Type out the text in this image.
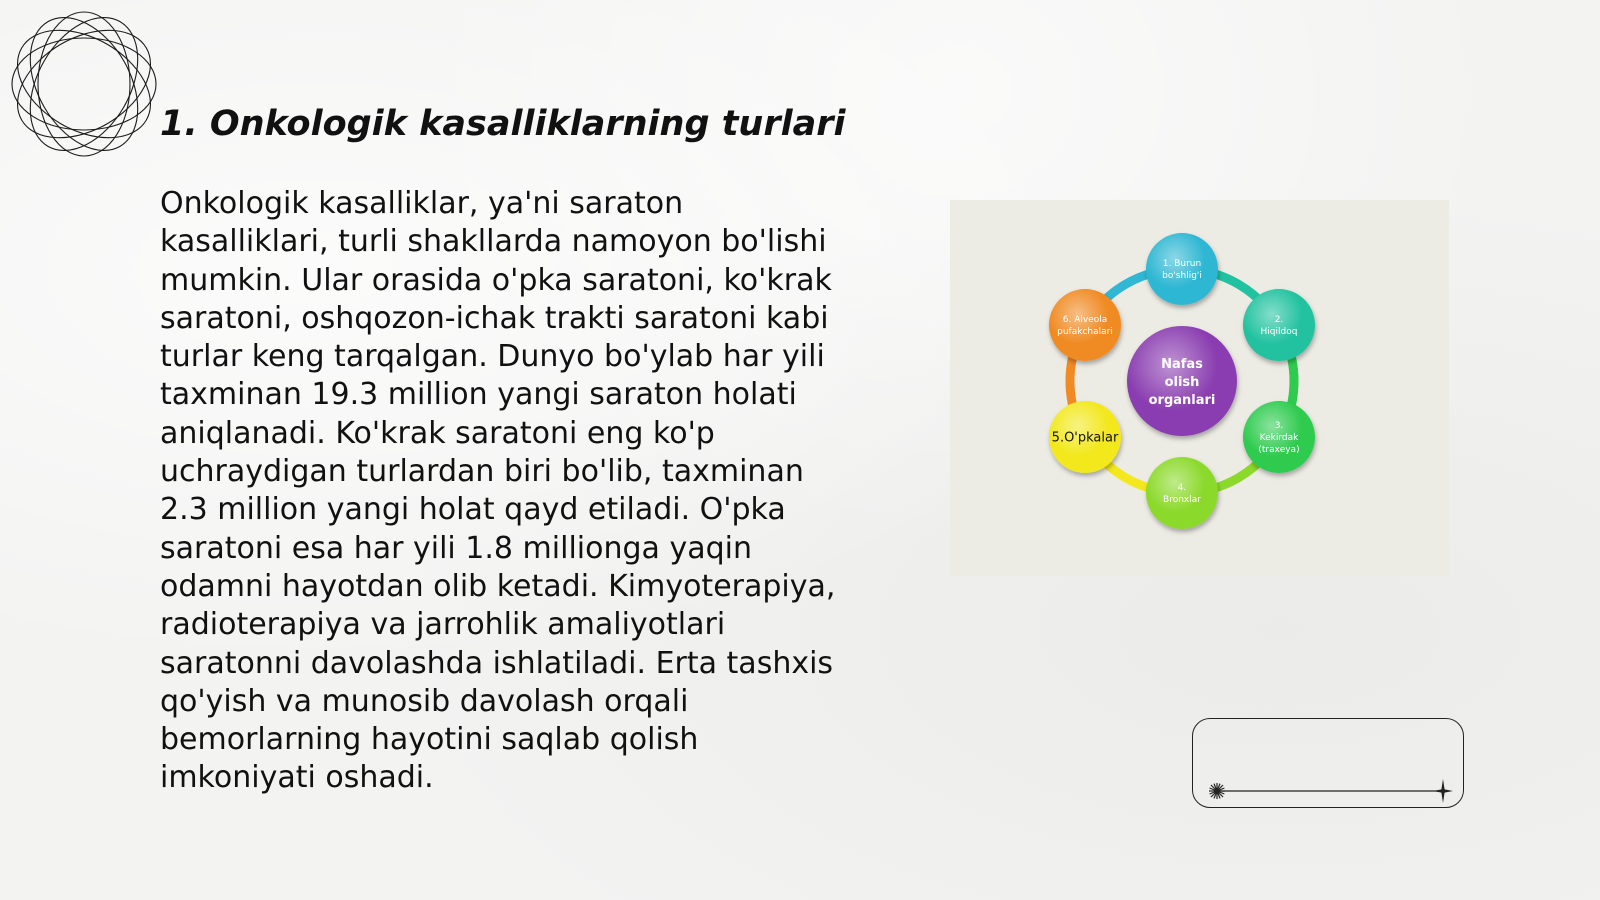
1. Onkologik kasalliklarning turlari

Onkologik kasalliklar, ya'ni saraton kasalliklari, turli shakllarda namoyon bo'lishi mumkin. Ular orasida o'pka saratoni, ko'krak saratoni, oshqozon-ichak trakti saratoni kabi turlar keng tarqalgan. Dunyo bo'ylab har yili taxminan 19.3 million yangi saraton holati aniqlanadi. Ko'krak saratoni eng ko'p uchraydigan turlardan biri bo'lib, taxminan 2.3 million yangi holat qayd etiladi. O'pka saratoni esa har yili 1.8 millionga yaqin odamni hayotdan olib ketadi. Kimyoterapiya, radioterapiya va jarrohlik amaliyotlari saratonni davolashda ishlatiladi. Erta tashxis qo'yish va munosib davolash orqali bemorlarning hayotini saqlab qolish imkoniyati oshadi.

1. Burun
bo'shlig'i
2.
Hiqildoq
3.
Kekirdak
(traxeya)
4.
Bronxlar
5.O'pkalar
6. Alveola
pufakchalari
Nafas
olish
organlari
